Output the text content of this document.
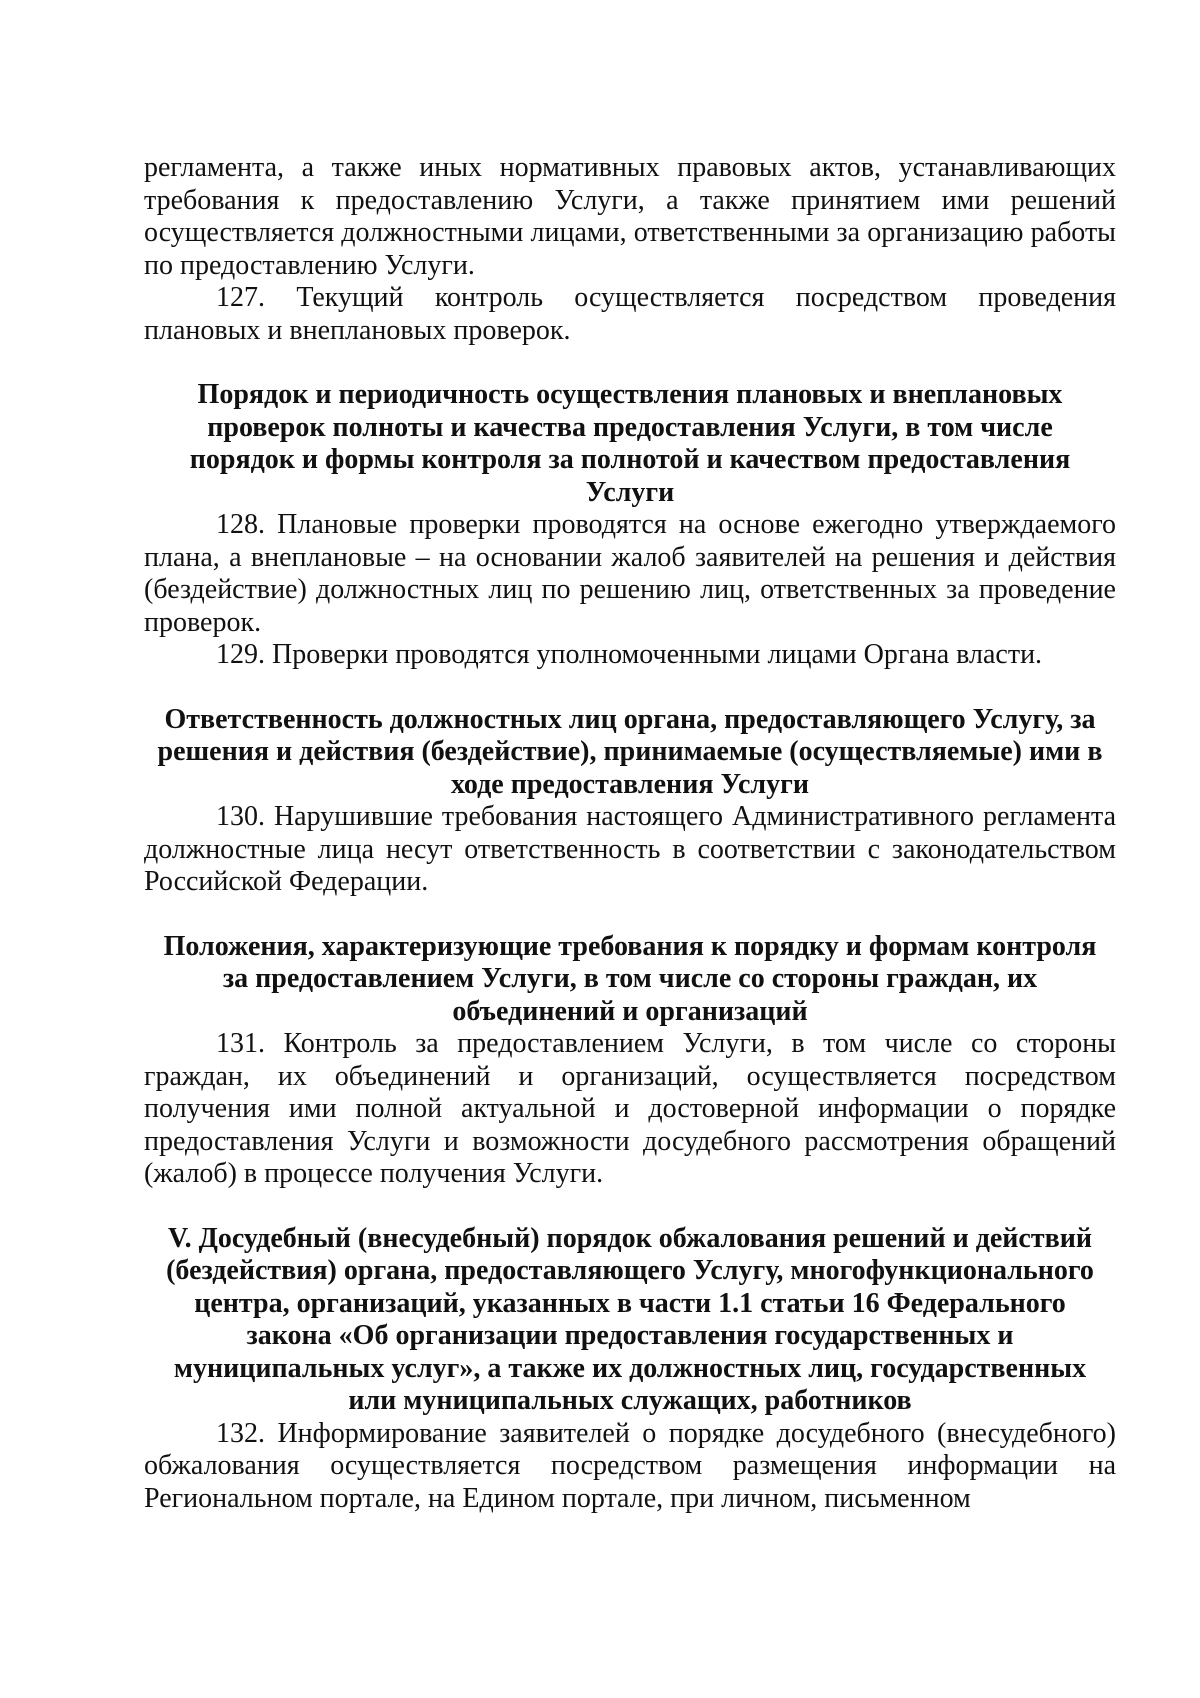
регламента, а также иных нормативных правовых актов, устанавливающих требования к предоставлению Услуги, а также принятием ими решений осуществляется должностными лицами, ответственными за организацию работы по предоставлению Услуги.

127. Текущий контроль осуществляется посредством проведения плановых и внеплановых проверок.

Порядок и периодичность осуществления плановых и внеплановых проверок полноты и качества предоставления Услуги, в том числе порядок и формы контроля за полнотой и качеством предоставления Услуги

128. Плановые проверки проводятся на основе ежегодно утверждаемого плана, а внеплановые – на основании жалоб заявителей на решения и действия (бездействие) должностных лиц по решению лиц, ответственных за проведение проверок.

129. Проверки проводятся уполномоченными лицами Органа власти.

Ответственность должностных лиц органа, предоставляющего Услугу, за решения и действия (бездействие), принимаемые (осуществляемые) ими в ходе предоставления Услуги

130. Нарушившие требования настоящего Административного регламента должностные лица несут ответственность в соответствии с законодательством Российской Федерации.

Положения, характеризующие требования к порядку и формам контроля за предоставлением Услуги, в том числе со стороны граждан, их объединений и организаций

131. Контроль за предоставлением Услуги, в том числе со стороны граждан, их объединений и организаций, осуществляется посредством получения ими полной актуальной и достоверной информации о порядке предоставления Услуги и возможности досудебного рассмотрения обращений (жалоб) в процессе получения Услуги.

V. Досудебный (внесудебный) порядок обжалования решений и действий (бездействия) органа, предоставляющего Услугу, многофункционального центра, организаций, указанных в части 1.1 статьи 16 Федерального закона «Об организации предоставления государственных и муниципальных услуг», а также их должностных лиц, государственных или муниципальных служащих, работников

132. Информирование заявителей о порядке досудебного (внесудебного) обжалования осуществляется посредством размещения информации на Региональном портале, на Едином портале, при личном, письменном
